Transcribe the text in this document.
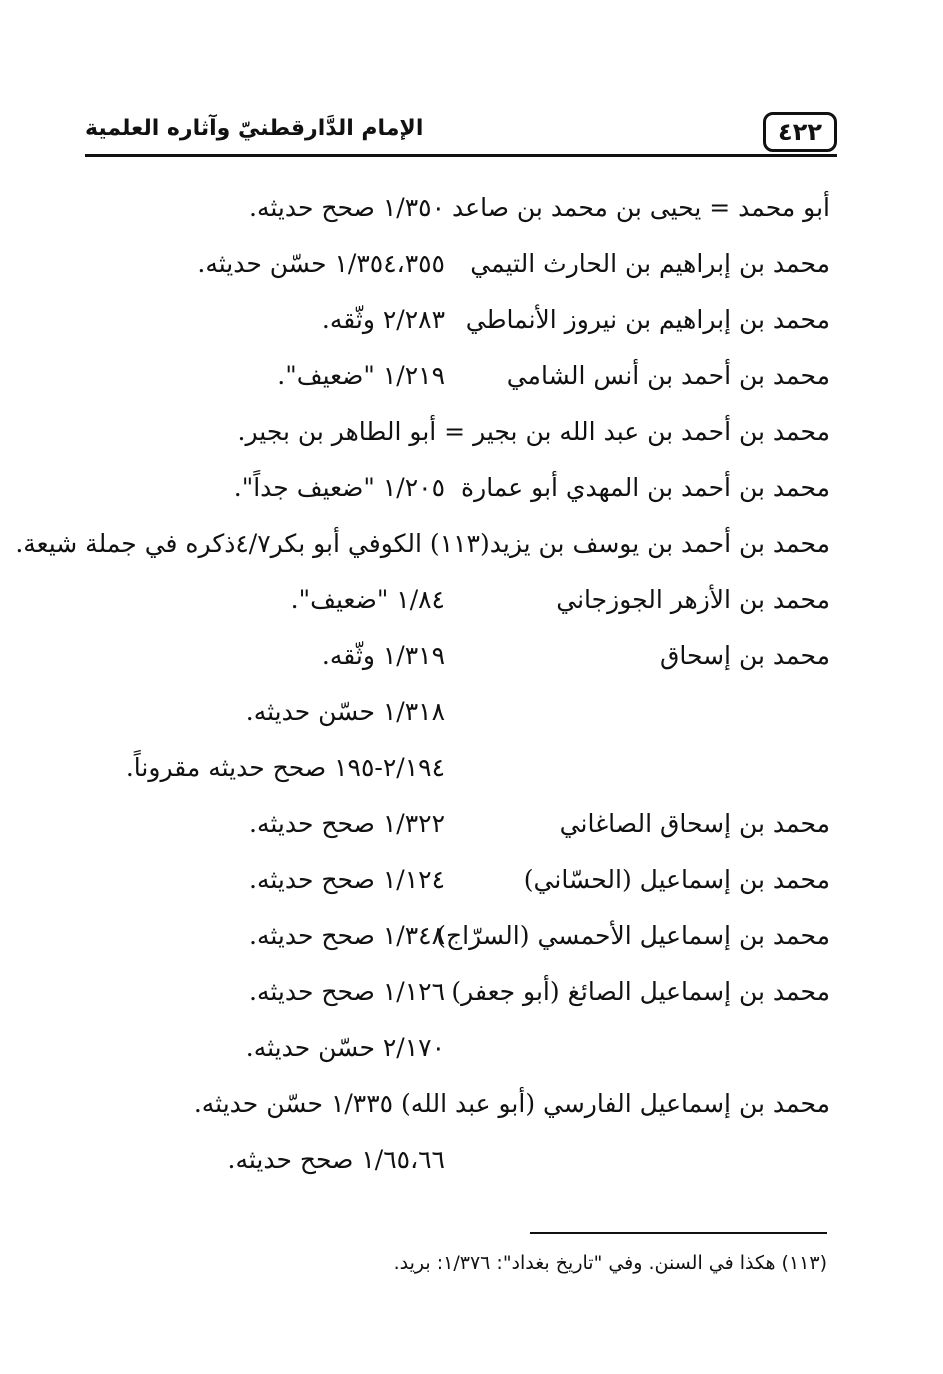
٤٢٢
الإمام الدَّارقطنيّ وآثاره العلمية
أبو محمد = يحيى بن محمد بن صاعد
١/٣٥٠ صحح حديثه.
محمد بن إبراهيم بن الحارث التيمي
١/٣٥٤،٣٥٥ حسّن حديثه.
محمد بن إبراهيم بن نيروز الأنماطي
٢/٢٨٣ وثّقه.
محمد بن أحمد بن أنس الشامي
١/٢١٩ "ضعيف".
محمد بن أحمد بن عبد الله بن بجير = أبو الطاهر بن بجير.
محمد بن أحمد بن المهدي أبو عمارة
١/٢٠٥ "ضعيف جداً".
محمد بن أحمد بن يوسف بن يزيد(١١٣) الكوفي أبو بكر٤/٧ذكره في جملة شيعة.
محمد بن الأزهر الجوزجاني
١/٨٤ "ضعيف".
محمد بن إسحاق
١/٣١٩ وثّقه.
١/٣١٨ حسّن حديثه.
٢/١٩٤-١٩٥ صحح حديثه مقروناً.
محمد بن إسحاق الصاغاني
١/٣٢٢ صحح حديثه.
محمد بن إسماعيل (الحسّاني)
١/١٢٤ صحح حديثه.
محمد بن إسماعيل الأحمسي (السرّاج)
١/٣٤٨ صحح حديثه.
محمد بن إسماعيل الصائغ (أبو جعفر)
١/١٢٦ صحح حديثه.
٢/١٧٠ حسّن حديثه.
محمد بن إسماعيل الفارسي (أبو عبد الله) ١/٣٣٥ حسّن حديثه.
١/٦٥،٦٦ صحح حديثه.
(١١٣) هكذا في السنن. وفي "تاريخ بغداد": ١/٣٧٦: بريد.
